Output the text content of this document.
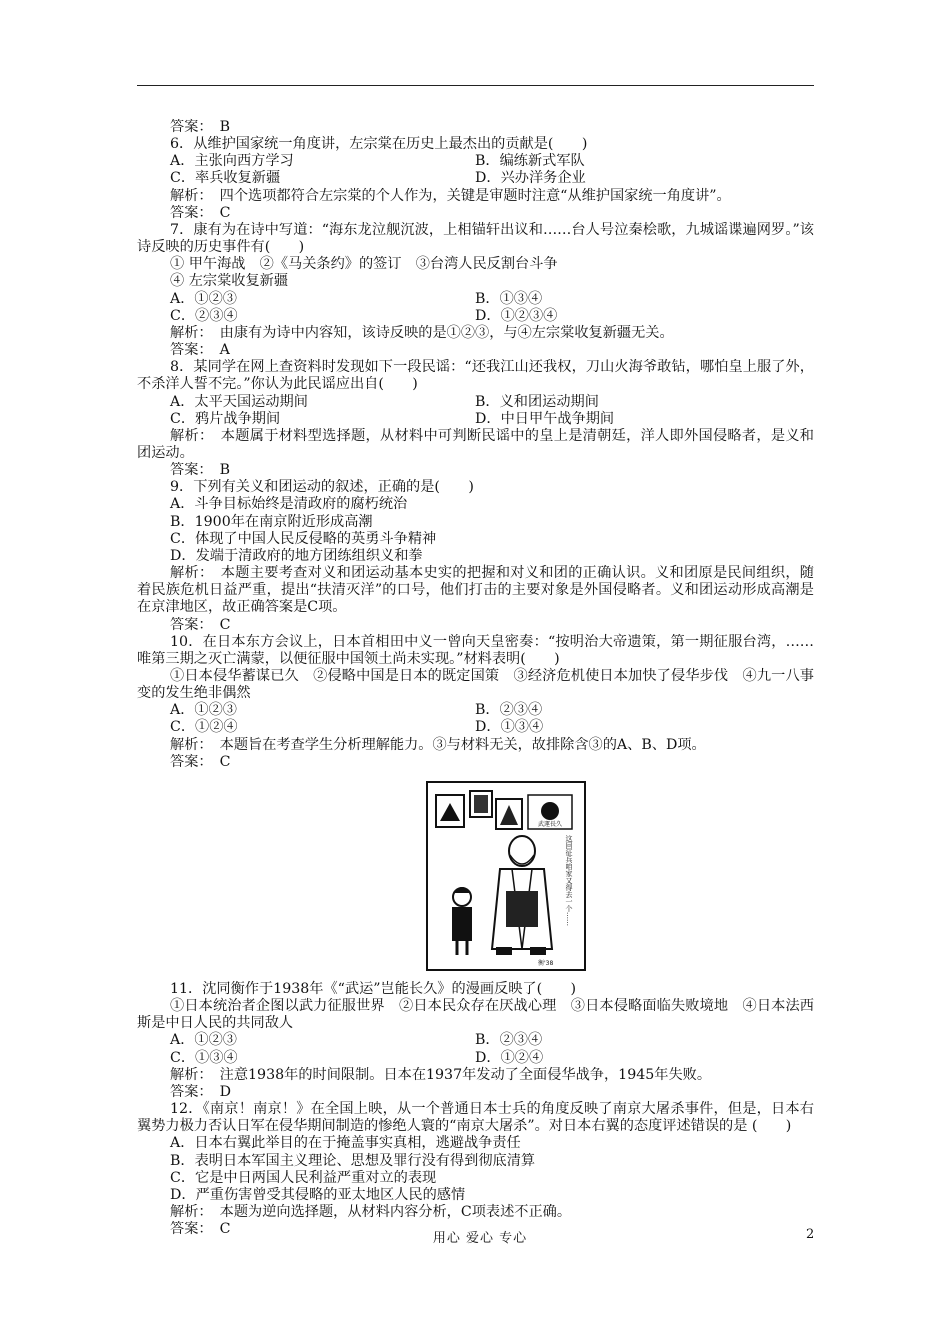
答案：　B

6．从维护国家统一角度讲，左宗棠在历史上最杰出的贡献是(　　)

A．主张向西方学习	B．编练新式军队
C．率兵收复新疆	D．兴办洋务企业

解析：　四个选项都符合左宗棠的个人作为，关键是审题时注意“从维护国家统一角度讲”。

答案：　C

7．康有为在诗中写道：“海东龙泣舰沉波，上相锚轩出议和……台人号泣秦桧歌，九城谣谍遍网罗。”该诗反映的历史事件有(　　)

① 甲午海战　②《马关条约》的签订　③台湾人民反割台斗争

④ 左宗棠收复新疆

A．①②③	B．①③④
C．②③④	D．①②③④

解析：　由康有为诗中内容知，该诗反映的是①②③，与④左宗棠收复新疆无关。

答案：　A

8．某同学在网上查资料时发现如下一段民谣：“还我江山还我权，刀山火海爷敢钻，哪怕皇上服了外，不杀洋人誓不完。”你认为此民谣应出自(　　)

A．太平天国运动期间	B．义和团运动期间
C．鸦片战争期间	D．中日甲午战争期间

解析：　本题属于材料型选择题，从材料中可判断民谣中的皇上是清朝廷，洋人即外国侵略者，是义和团运动。

答案：　B

9．下列有关义和团运动的叙述，正确的是(　　)

A．斗争目标始终是清政府的腐朽统治

B．1900年在南京附近形成高潮

C．体现了中国人民反侵略的英勇斗争精神

D．发端于清政府的地方团练组织义和拳

解析：　本题主要考查对义和团运动基本史实的把握和对义和团的正确认识。义和团原是民间组织，随着民族危机日益严重，提出“扶清灭洋”的口号，他们打击的主要对象是外国侵略者。义和团运动形成高潮是在京津地区，故正确答案是C项。

答案：　C

10．在日本东方会议上，日本首相田中义一曾向天皇密奏：“按明治大帝遗策，第一期征服台湾，……唯第三期之灭亡满蒙，以便征服中国领土尚未实现。”材料表明(　　)

①日本侵华蓄谋已久　②侵略中国是日本的既定国策　③经济危机使日本加快了侵华步伐　④九一八事变的发生绝非偶然

A．①②③	B．②③④
C．①②④	D．①③④

解析：　本题旨在考查学生分析理解能力。③与材料无关，故排除含③的A、B、D项。

答案：　C

武運長久
这回征兵咱家又得去一个……
衡'38

11．沈同衡作于1938年《“武运”岂能长久》的漫画反映了(　　)

①日本统治者企图以武力征服世界　②日本民众存在厌战心理　③日本侵略面临失败境地　④日本法西斯是中日人民的共同敌人

A．①②③	B．②③④
C．①③④	D．①②④

解析：　注意1938年的时间限制。日本在1937年发动了全面侵华战争，1945年失败。

答案：　D

12．《南京！南京！》在全国上映，从一个普通日本士兵的角度反映了南京大屠杀事件，但是，日本右翼势力极力否认日军在侵华期间制造的惨绝人寰的“南京大屠杀”。对日本右翼的态度评述错误的是 (　　)

A．日本右翼此举目的在于掩盖事实真相，逃避战争责任

B．表明日本军国主义理论、思想及罪行没有得到彻底清算

C．它是中日两国人民利益严重对立的表现

D．严重伤害曾受其侵略的亚太地区人民的感情

解析：　本题为逆向选择题，从材料内容分析，C项表述不正确。

答案：　C

用心 爱心 专心	2
